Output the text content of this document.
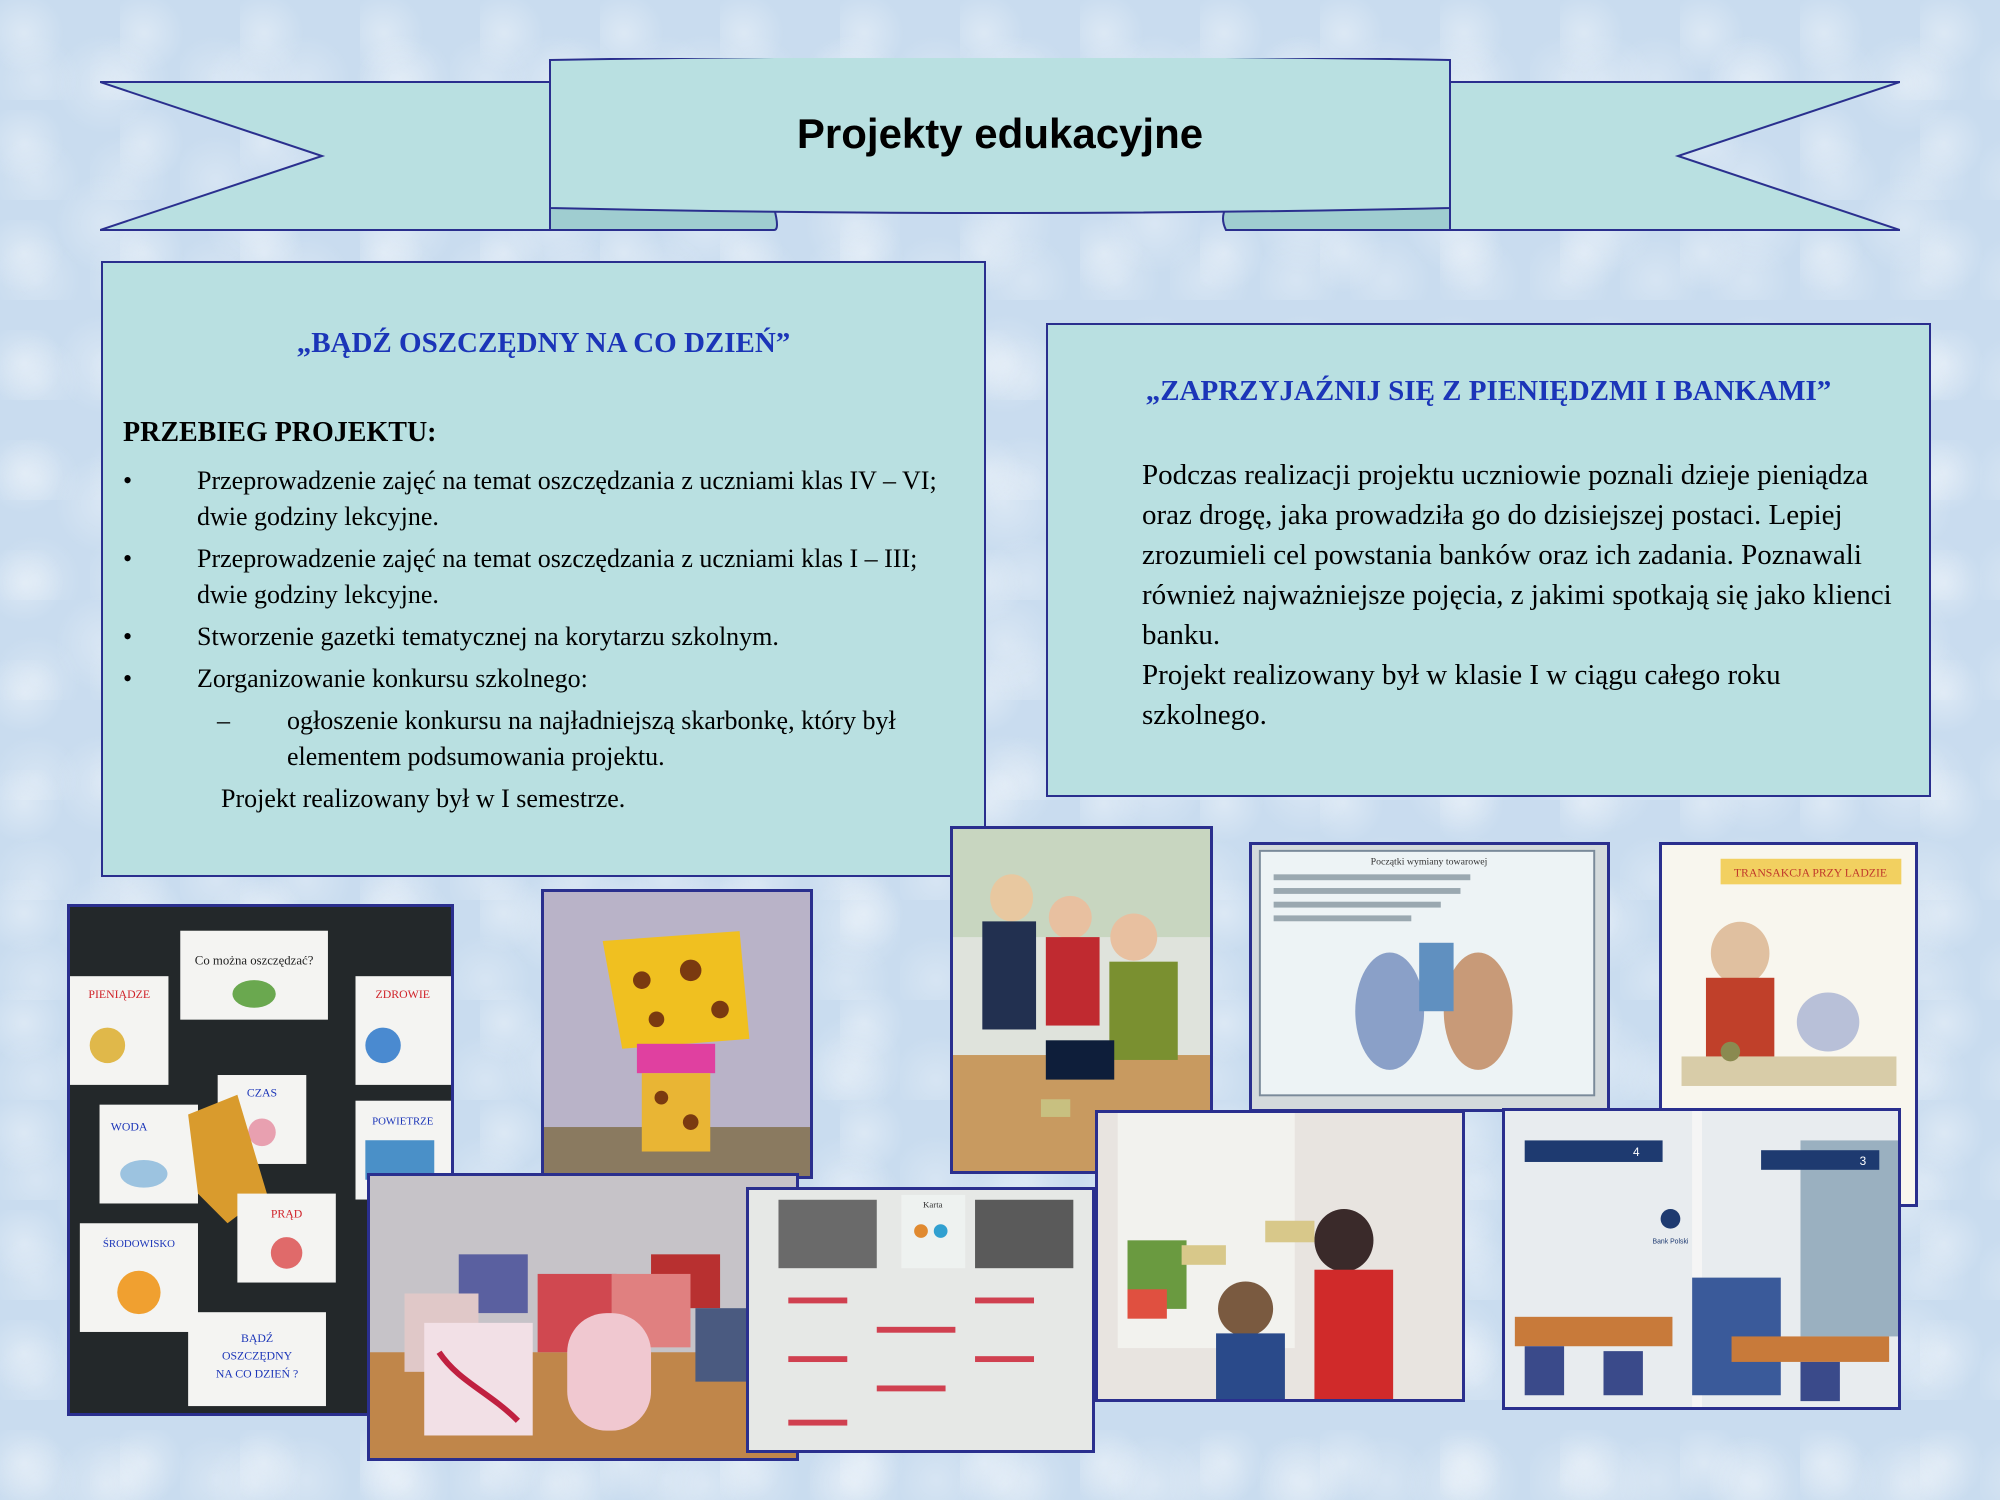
Projekty edukacyjne
„BĄDŹ OSZCZĘDNY NA CO DZIEŃ”
PRZEBIEG PROJEKTU:
• Przeprowadzenie zajęć na temat oszczędzania z uczniami klas IV – VI; dwie godziny lekcyjne.
• Przeprowadzenie zajęć na temat oszczędzania z uczniami klas I – III; dwie godziny lekcyjne.
• Stworzenie gazetki tematycznej na korytarzu szkolnym.
• Zorganizowanie konkursu szkolnego:
– ogłoszenie konkursu na najładniejszą skarbonkę, który był elementem podsumowania projektu.
Projekt realizowany był w I semestrze.
„ZAPRZYJAŹNIJ SIĘ Z PIENIĘDZMI I BANKAMI”
Podczas realizacji projektu uczniowie poznali dzieje pieniądza oraz drogę, jaka prowadziła go do dzisiejszej postaci. Lepiej zrozumieli cel powstania banków oraz ich zadania. Poznawali również najważniejsze pojęcia, z jakimi spotkają się jako klienci banku.
Projekt realizowany był w klasie I w ciągu całego roku szkolnego.
Co można oszczędzać?
PIENIĄDZE	ZDROWIE
CZAS
WODA	POWIETRZE
PRĄD
ŚRODOWISKO
BĄDŹ
OSZCZĘDNY
NA CO DZIEŃ ?
Początki wymiany towarowej
TRANSAKCJA PRZY LADZIE
Karta
4
3
Bank Polski
